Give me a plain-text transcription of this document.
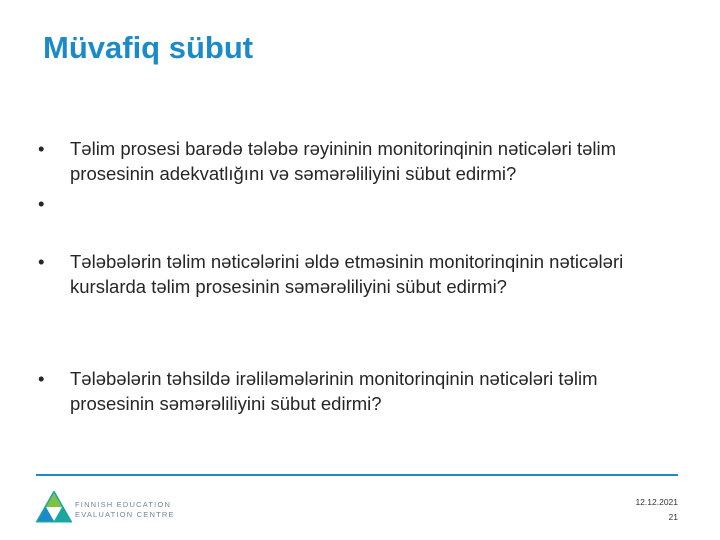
Müvafiq sübut
•	Təlim prosesi barədə tələbə rəyininin monitorinqinin nəticələri təlim prosesinin adekvatlığını və səmərəliliyini sübut edirmi?
•
•	Tələbələrin təlim nəticələrini əldə etməsinin monitorinqinin nəticələri kurslarda təlim prosesinin səmərəliliyini sübut edirmi?
•	Tələbələrin təhsildə irəliləmələrinin monitorinqinin nəticələri təlim prosesinin səmərəliliyini sübut edirmi?
FINNISH EDUCATION
EVALUATION CENTRE
12.12.2021
21
